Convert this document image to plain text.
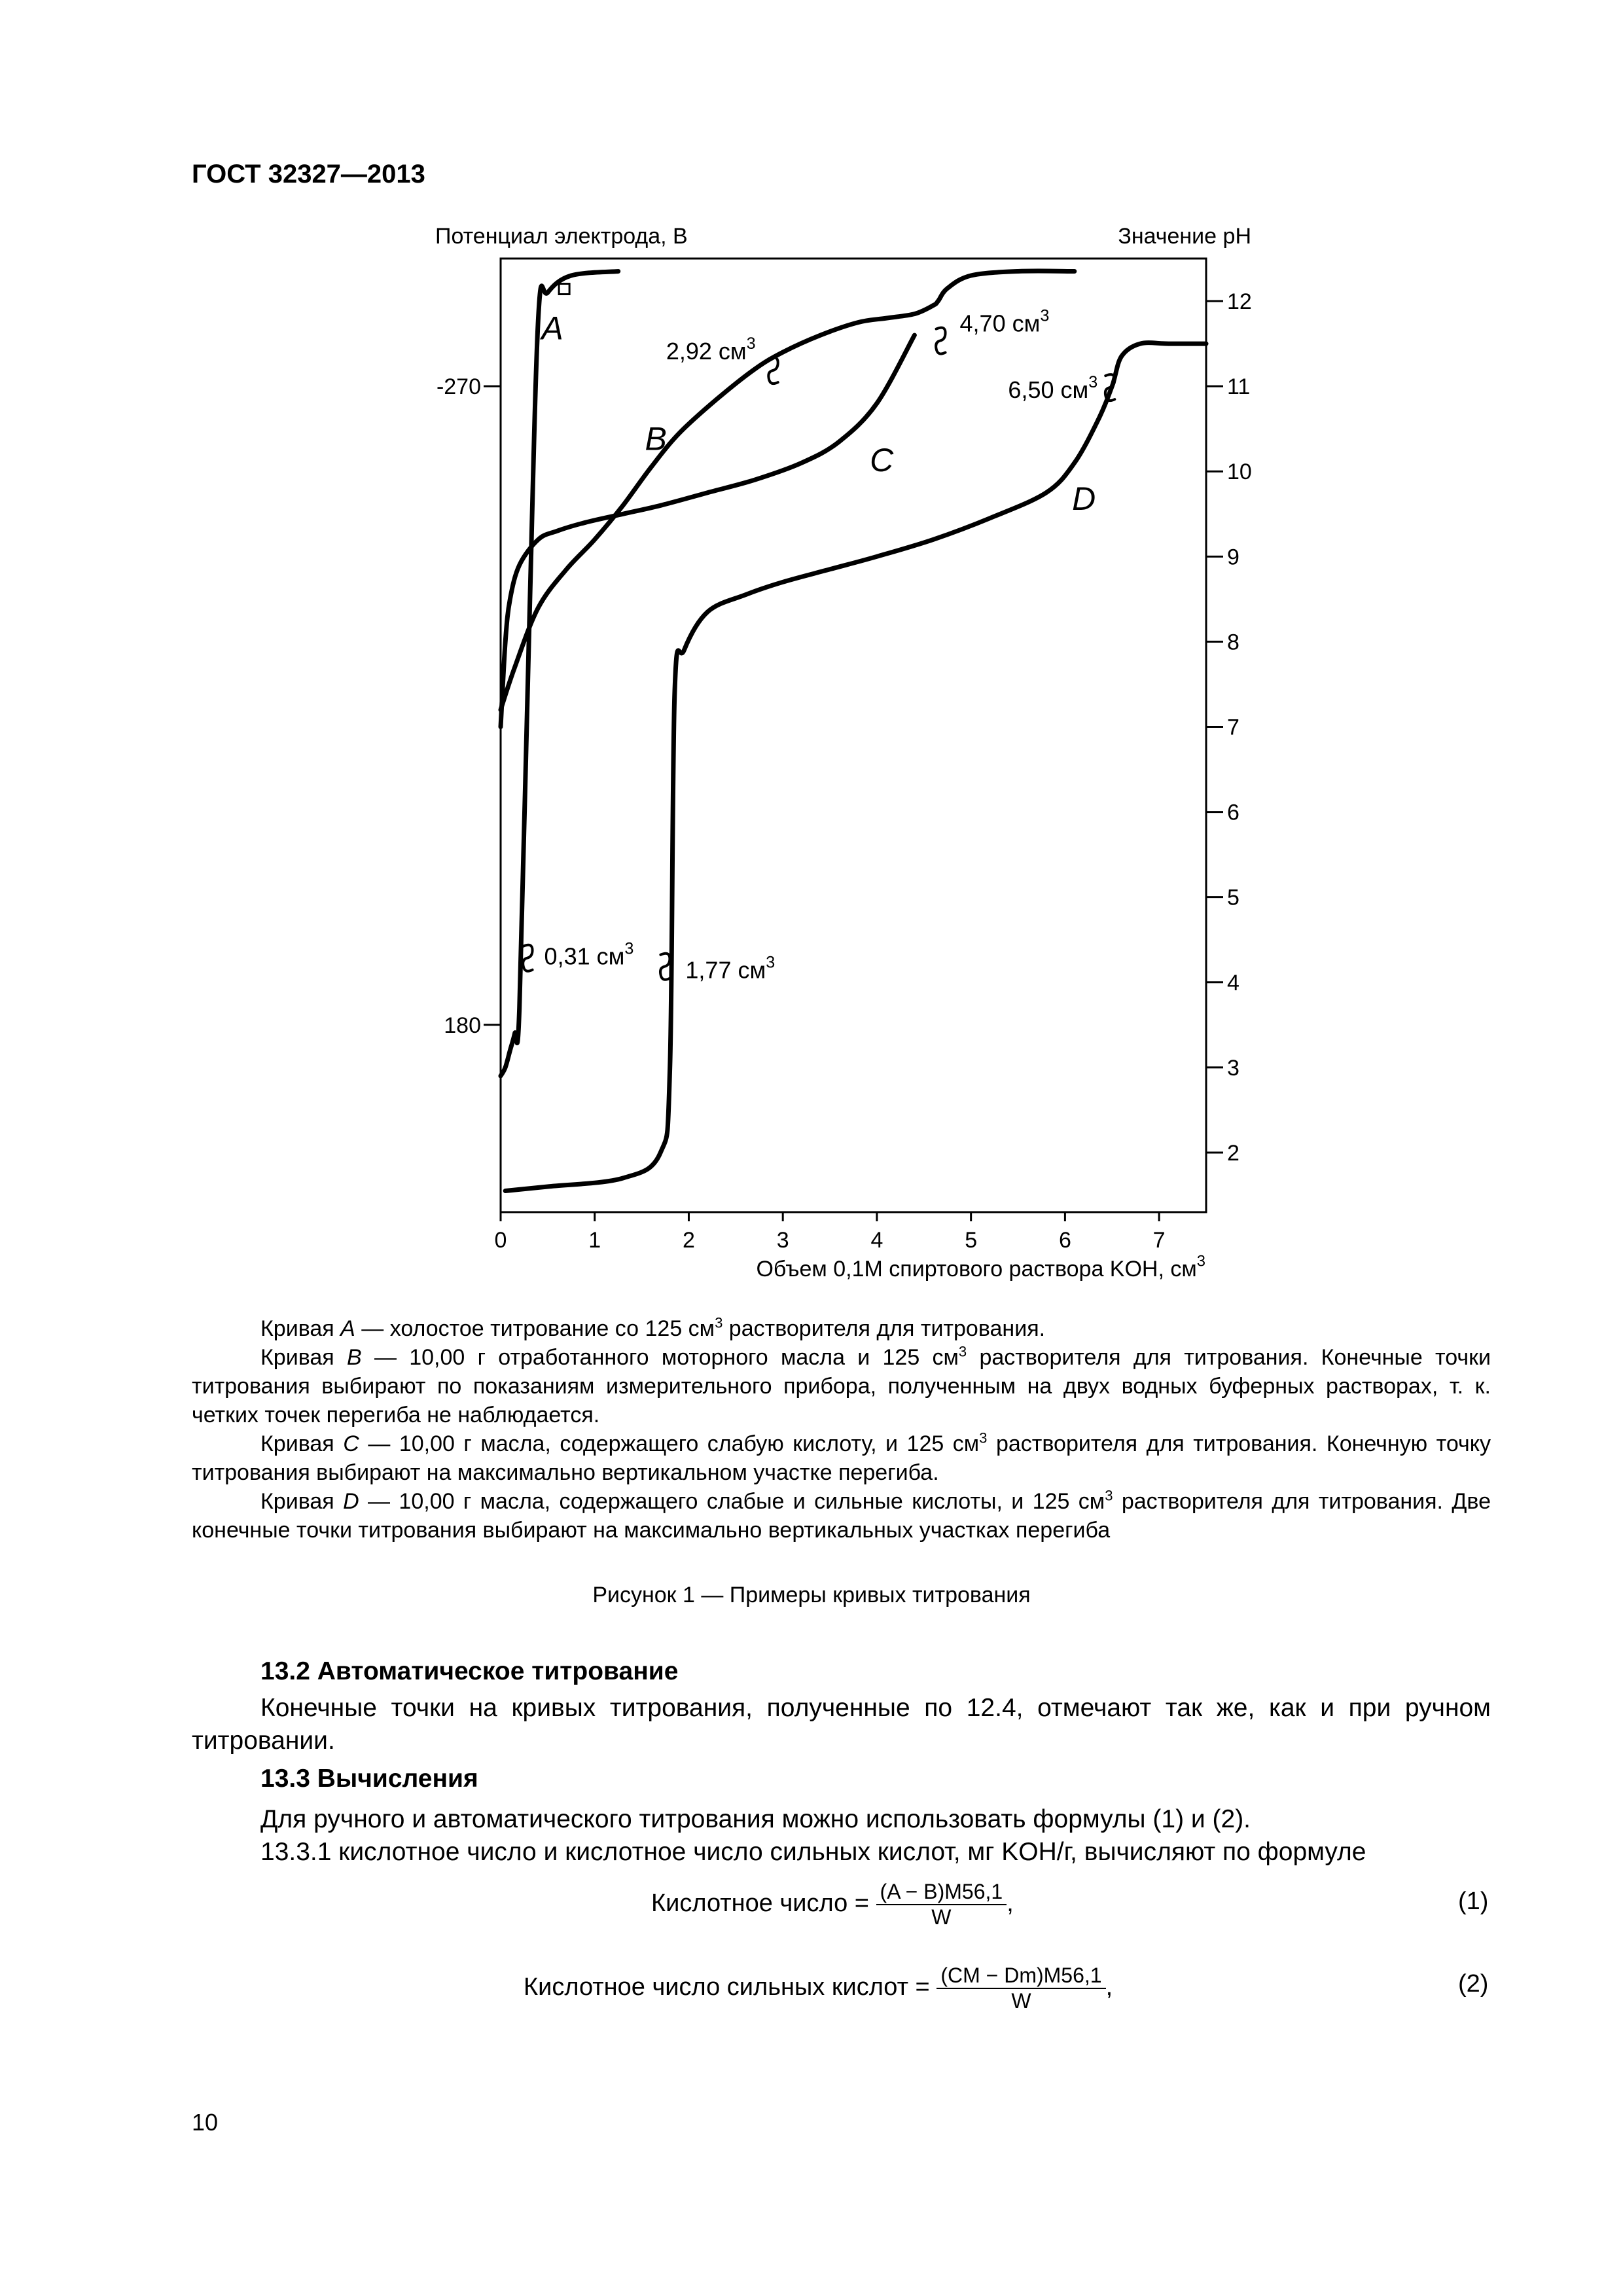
ГОСТ 32327—2013
0	1	2	3	4	5	6	7
2
3
4
5
6
7
8
9
10
11
12
-270
180
Потенциал электрода, В	Значение pH
Объем 0,1М спиртового раствора KOH, $см^3$
A
B
C
D
0,31 $см^3$
1,77 $см^3$
2,92 $см^3$
4,70 $см^3$
6,50 $см^3$

Кривая A — холостое титрование со 125 $см^3$ растворителя для титрования.

Кривая B — 10,00 г отработанного моторного масла и 125 $см^3$ растворителя для титрования. Конечные точки титрования выбирают по показаниям измерительного прибора, полученным на двух водных буферных растворах, т. к. четких точек перегиба не наблюдается.

Кривая C — 10,00 г масла, содержащего слабую кислоту, и 125 $см^3$ растворителя для титрования. Конечную точку титрования выбирают на максимально вертикальном участке перегиба.

Кривая D — 10,00 г масла, содержащего слабые и сильные кислоты, и 125 $см^3$ растворителя для титрования. Две конечные точки титрования выбирают на максимально вертикальных участках перегиба

Рисунок 1 — Примеры кривых титрования
13.2 Автоматическое титрование

Конечные точки на кривых титрования, полученные по 12.4, отмечают так же, как и при ручном титровании.

13.3 Вычисления

Для ручного и автоматического титрования можно использовать формулы (1) и (2).

13.3.1 кислотное число и кислотное число сильных кислот, мг KOH/г, вычисляют по формуле

Кислотное число = $\frac{(A - B)M56,1}{W}$ ,	(1)
Кислотное число сильных кислот = $\frac{(CM - Dm)M56,1}{W}$ ,	(2)
10
